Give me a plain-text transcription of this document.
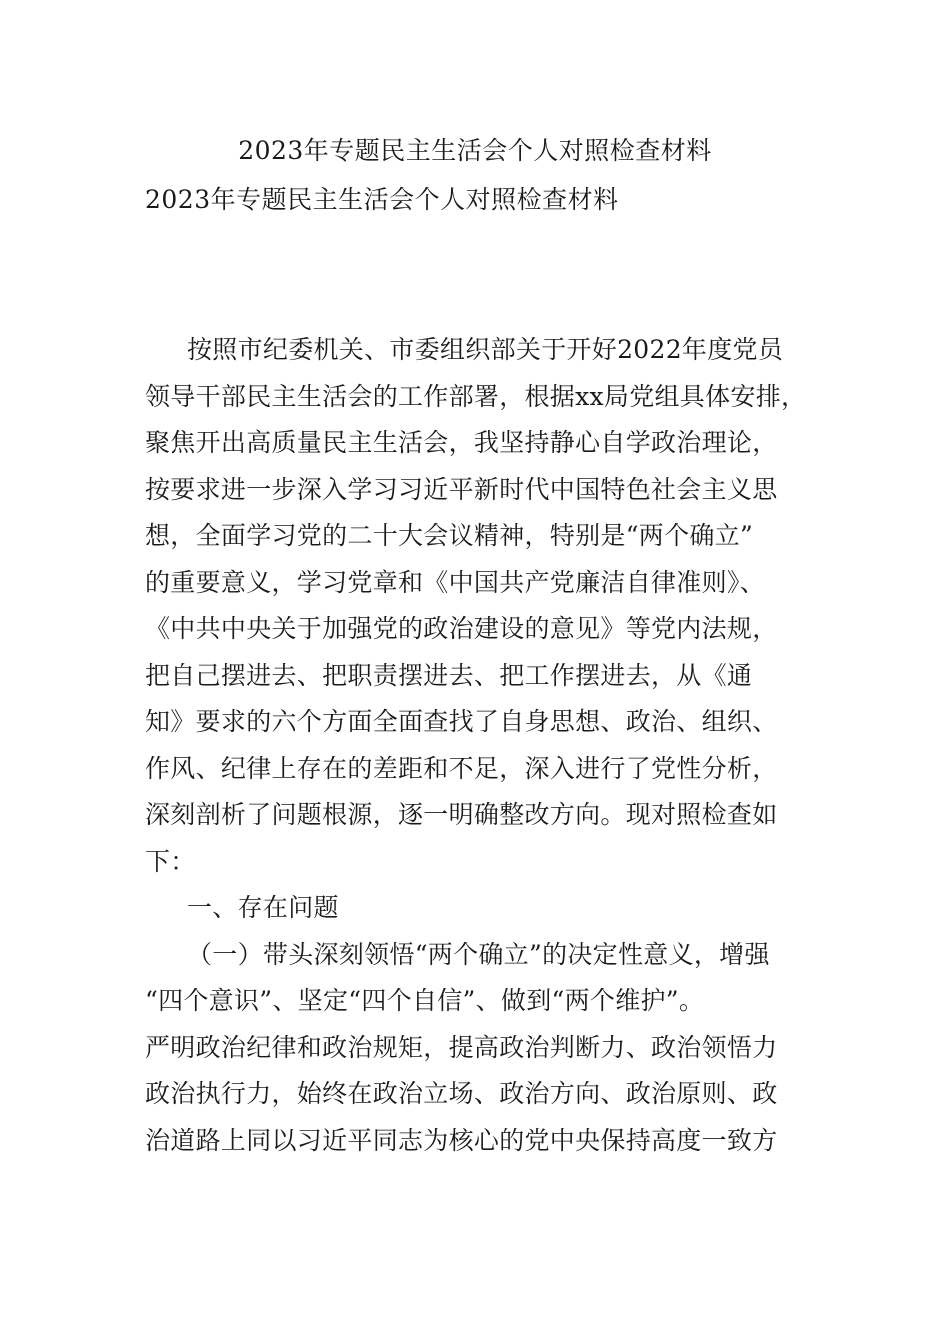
2023年专题民主生活会个人对照检查材料
2023年专题民主生活会个人对照检查材料
按照市纪委机关、市委组织部关于开好2022年度党员
领导干部民主生活会的工作部署，根据xx局党组具体安排，
聚焦开出高质量民主生活会，我坚持静心自学政治理论，
按要求进一步深入学习习近平新时代中国特色社会主义思
想，全面学习党的二十大会议精神，特别是“两个确立”
的重要意义，学习党章和《中国共产党廉洁自律准则》、
《中共中央关于加强党的政治建设的意见》等党内法规，
把自己摆进去、把职责摆进去、把工作摆进去，从《通
知》要求的六个方面全面查找了自身思想、政治、组织、
作风、纪律上存在的差距和不足，深入进行了党性分析，
深刻剖析了问题根源，逐一明确整改方向。现对照检查如
下：
一、存在问题
（一）带头深刻领悟“两个确立”的决定性意义，增强
“四个意识”、坚定“四个自信”、做到“两个维护”。
严明政治纪律和政治规矩，提高政治判断力、政治领悟力
政治执行力，始终在政治立场、政治方向、政治原则、政
治道路上同以习近平同志为核心的党中央保持高度一致方
